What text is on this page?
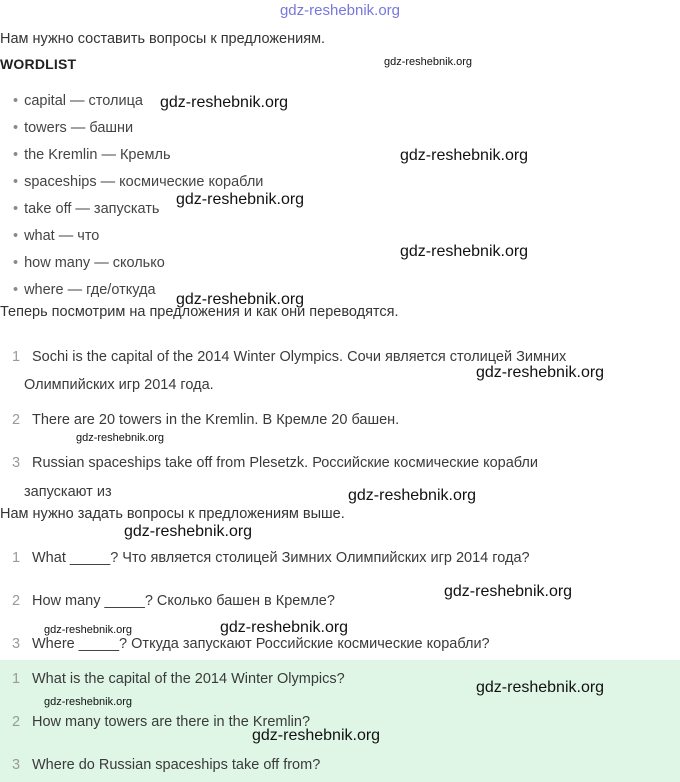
gdz-reshebnik.org
Нам нужно составить вопросы к предложениям.
WORDLIST
• capital — столица
• towers — башни
• the Kremlin — Кремль
• spaceships — космические корабли
• take off — запускать
• what — что
• how many — сколько
• where — где/откуда
Теперь посмотрим на предложения и как они переводятся.
1 Sochi is the capital of the 2014 Winter Olympics. Сочи является столицей Зимних
Олимпийских игр 2014 года.
2 There are 20 towers in the Kremlin. В Кремле 20 башен.
3 Russian spaceships take off from Plesetzk. Российские космические корабли
запускают из
Нам нужно задать вопросы к предложениям выше.
1 What _____? Что является столицей Зимних Олимпийских игр 2014 года?
2 How many _____? Сколько башен в Кремле?
3 Where _____? Откуда запускают Российские космические корабли?
1 What is the capital of the 2014 Winter Olympics?
2 How many towers are there in the Kremlin?
3 Where do Russian spaceships take off from?
gdz-reshebnik.org
gdz-reshebnik.org
gdz-reshebnik.org
gdz-reshebnik.org
gdz-reshebnik.org
gdz-reshebnik.org
gdz-reshebnik.org
gdz-reshebnik.org
gdz-reshebnik.org
gdz-reshebnik.org
gdz-reshebnik.org
gdz-reshebnik.org	gdz-reshebnik.org
gdz-reshebnik.org
gdz-reshebnik.org
gdz-reshebnik.org
